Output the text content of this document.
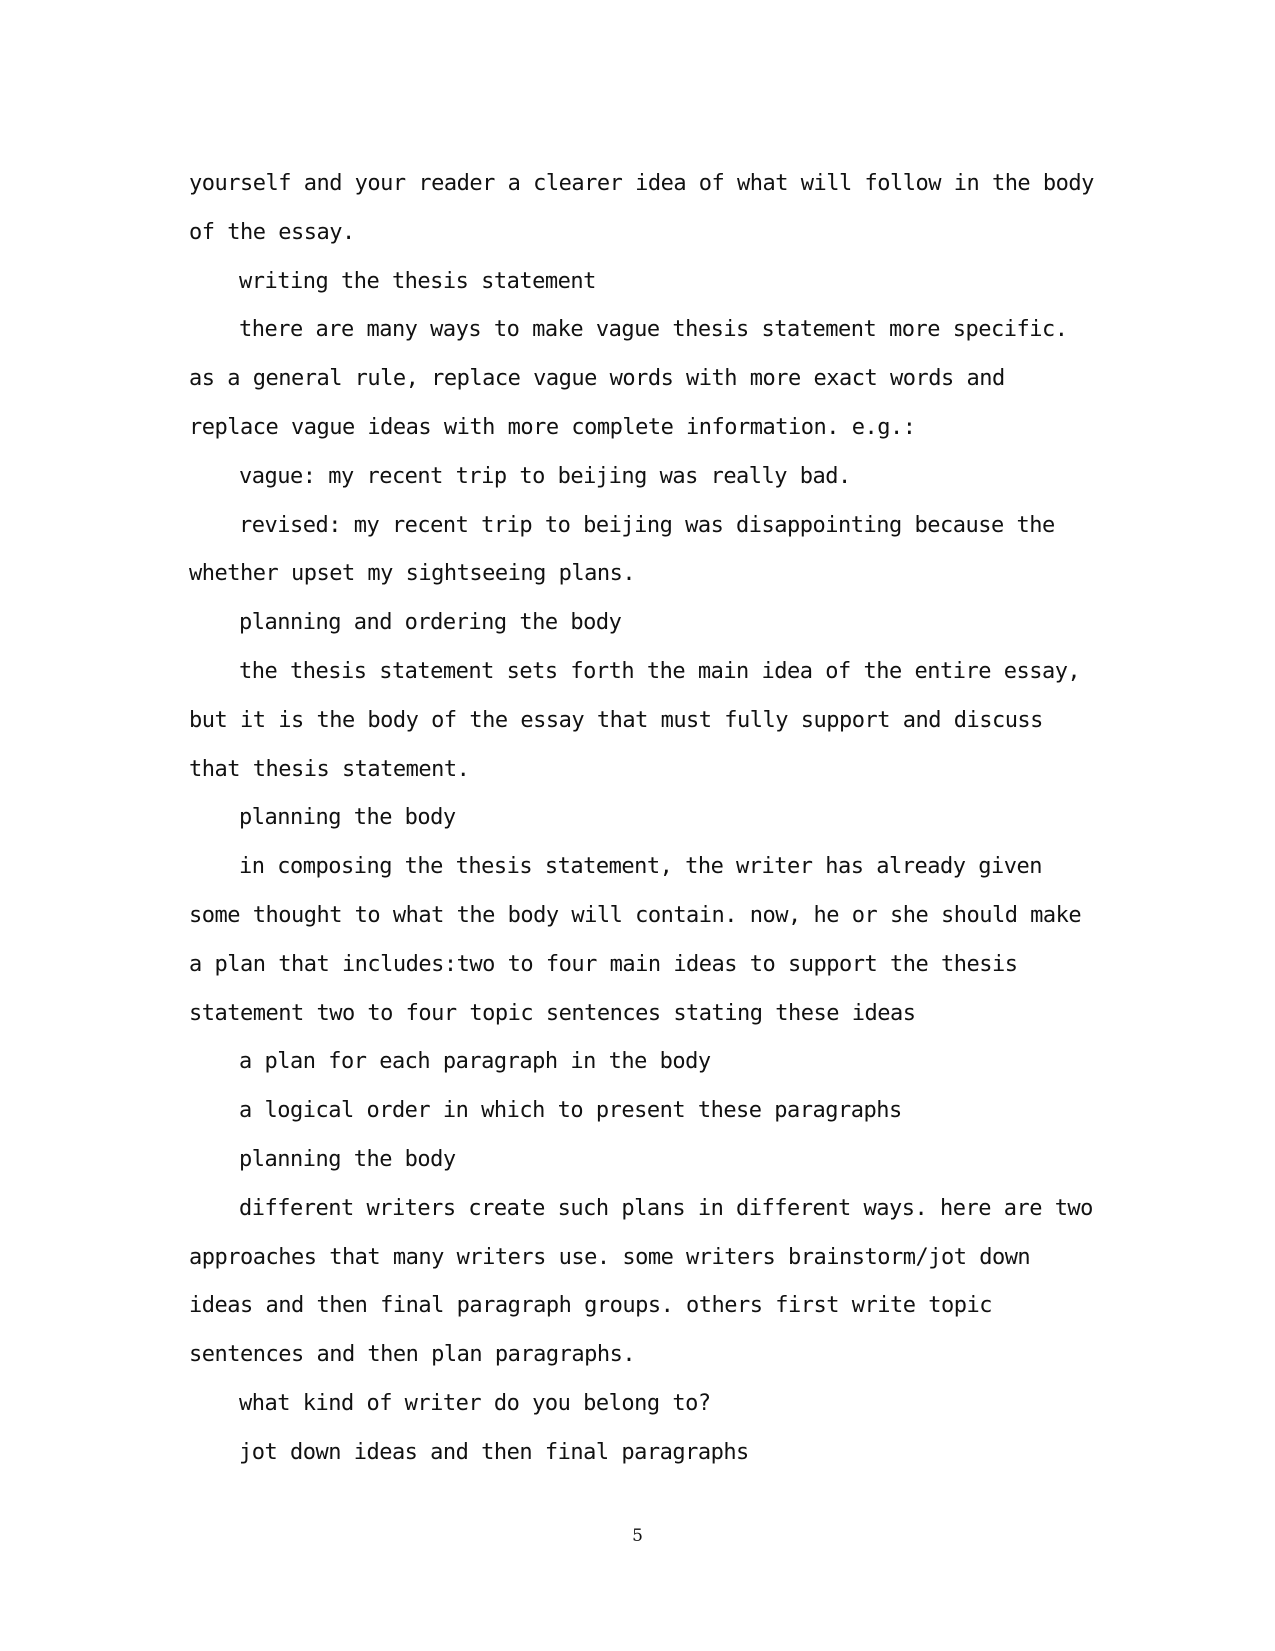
yourself and your reader a clearer idea of what will follow in the body
of the essay.
writing the thesis statement
there are many ways to make vague thesis statement more specific.
as a general rule, replace vague words with more exact words and
replace vague ideas with more complete information. e.g.:
vague: my recent trip to beijing was really bad.
revised: my recent trip to beijing was disappointing because the
whether upset my sightseeing plans.
planning and ordering the body
the thesis statement sets forth the main idea of the entire essay,
but it is the body of the essay that must fully support and discuss
that thesis statement.
planning the body
in composing the thesis statement, the writer has already given
some thought to what the body will contain. now, he or she should make
a plan that includes:two to four main ideas to support the thesis
statement two to four topic sentences stating these ideas
a plan for each paragraph in the body
a logical order in which to present these paragraphs
planning the body
different writers create such plans in different ways. here are two
approaches that many writers use. some writers brainstorm/jot down
ideas and then final paragraph groups. others first write topic
sentences and then plan paragraphs.
what kind of writer do you belong to?
jot down ideas and then final paragraphs
5
